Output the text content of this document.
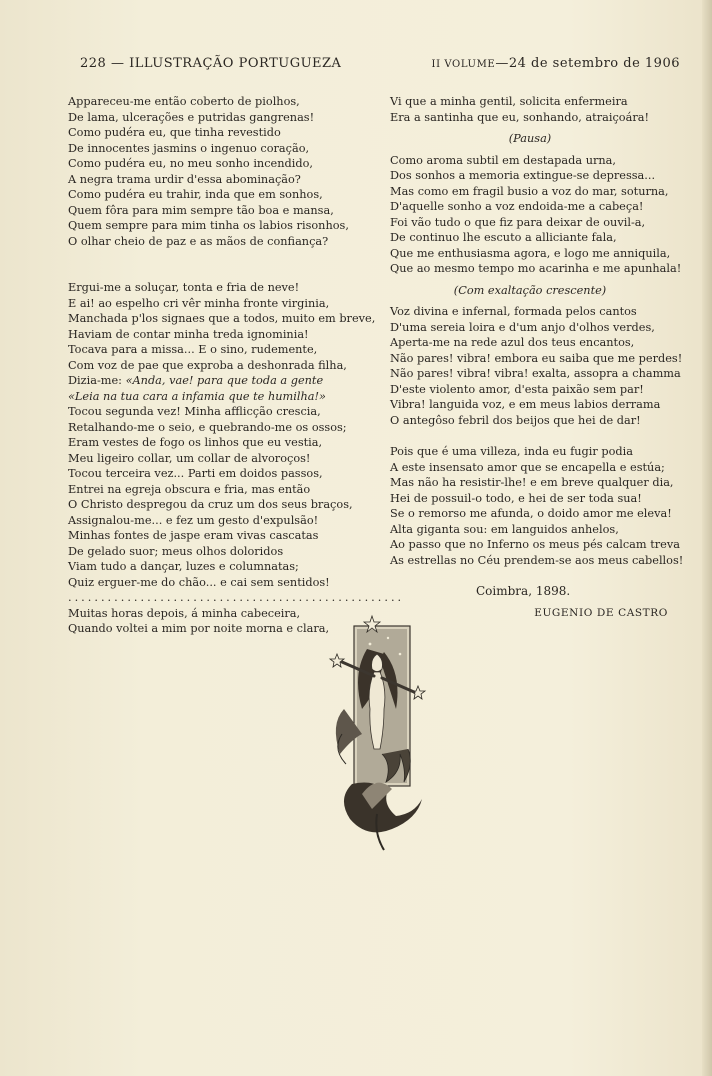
228 — ILLUSTRAÇÃO PORTUGUEZA	II VOLUME—24 de setembro de 1906
Appareceu-me então coberto de piolhos,
De lama, ulcerações e putridas gangrenas!
Como pudéra eu, que tinha revestido
De innocentes jasmins o ingenuo coração,
Como pudéra eu, no meu sonho incendido,
A negra trama urdir d'essa abominação?
Como pudéra eu trahir, inda que em sonhos,
Quem fôra para mim sempre tão boa e mansa,
Quem sempre para mim tinha os labios risonhos,
O olhar cheio de paz e as mãos de confiança?
Ergui-me a soluçar, tonta e fria de neve!
E ai! ao espelho cri vêr minha fronte virginia,
Manchada p'los signaes que a todos, muito em breve,
Haviam de contar minha treda ignominia!
Tocava para a missa... E o sino, rudemente,
Com voz de pae que exproba a deshonrada filha,
Dizia-me: «Anda, vae! para que toda a gente
«Leia na tua cara a infamia que te humilha!»
Tocou segunda vez! Minha afflicção crescia,
Retalhando-me o seio, e quebrando-me os ossos;
Eram vestes de fogo os linhos que eu vestia,
Meu ligeiro collar, um collar de alvoroços!
Tocou terceira vez... Parti em doidos passos,
Entrei na egreja obscura e fria, mas então
O Christo despregou da cruz um dos seus braços,
Assignalou-me... e fez um gesto d'expulsão!
Minhas fontes de jaspe eram vivas cascatas
De gelado suor; meus olhos doloridos
Viam tudo a dançar, luzes e columnatas;
Quiz erguer-me do chão... e cai sem sentidos!
...................................................
Muitas horas depois, á minha cabeceira,
Quando voltei a mim por noite morna e clara,
Vi que a minha gentil, solicita enfermeira
Era a santinha que eu, sonhando, atraiçoára!
(Pausa)
Como aroma subtil em destapada urna,
Dos sonhos a memoria extingue-se depressa...
Mas como em fragil busio a voz do mar, soturna,
D'aquelle sonho a voz endoida-me a cabeça!
Foi vão tudo o que fiz para deixar de ouvil-a,
De continuo lhe escuto a alliciante fala,
Que me enthusiasma agora, e logo me anniquila,
Que ao mesmo tempo mo acarinha e me apunhala!
(Com exaltação crescente)
Voz divina e infernal, formada pelos cantos
D'uma sereia loira e d'um anjo d'olhos verdes,
Aperta-me na rede azul dos teus encantos,
Não pares! vibra! embora eu saiba que me perdes!
Não pares! vibra! vibra! exalta, assopra a chamma
D'este violento amor, d'esta paixão sem par!
Vibra! languida voz, e em meus labios derrama
O antegôso febril dos beijos que hei de dar!
Pois que é uma villeza, inda eu fugir podia
A este insensato amor que se encapella e estúa;
Mas não ha resistir-lhe! e em breve qualquer dia,
Hei de possuil-o todo, e hei de ser toda sua!
Se o remorso me afunda, o doido amor me eleva!
Alta giganta sou: em languidos anhelos,
Ao passo que no Inferno os meus pés calcam treva
As estrellas no Céu prendem-se aos meus cabellos!
Coimbra, 1898.
EUGENIO DE CASTRO
